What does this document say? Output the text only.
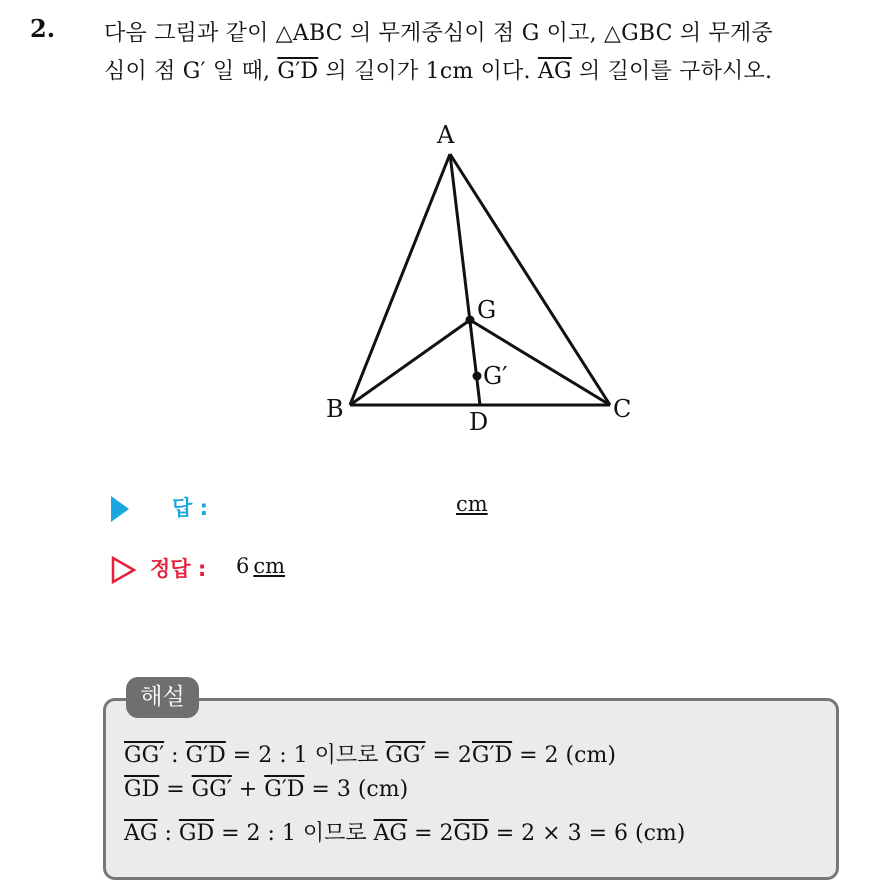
2. 다음 그림과 같이 △ABC 의 무게중심이 점 G 이고, △GBC 의 무게중
심이 점 G′ 일 때, G′D 의 길이가 1cm 이다. $\overline{AG}$ 의 길이를 구하시오.
A
B	C
D
G
G′
답 :	cm
정답 : 6 cm
해설
GG′ : G′D = 2 : 1 이므로 GG′ = 2G′D = 2 (cm)
$\overline{GD} = GG' + G'D = 3$ (cm)
$\overline{AG}$ : $\overline{GD} = 2$ : 1 이므로 $\overline{AG} = 2\overline{GD} = 2 \times 3 = 6$ (cm)
